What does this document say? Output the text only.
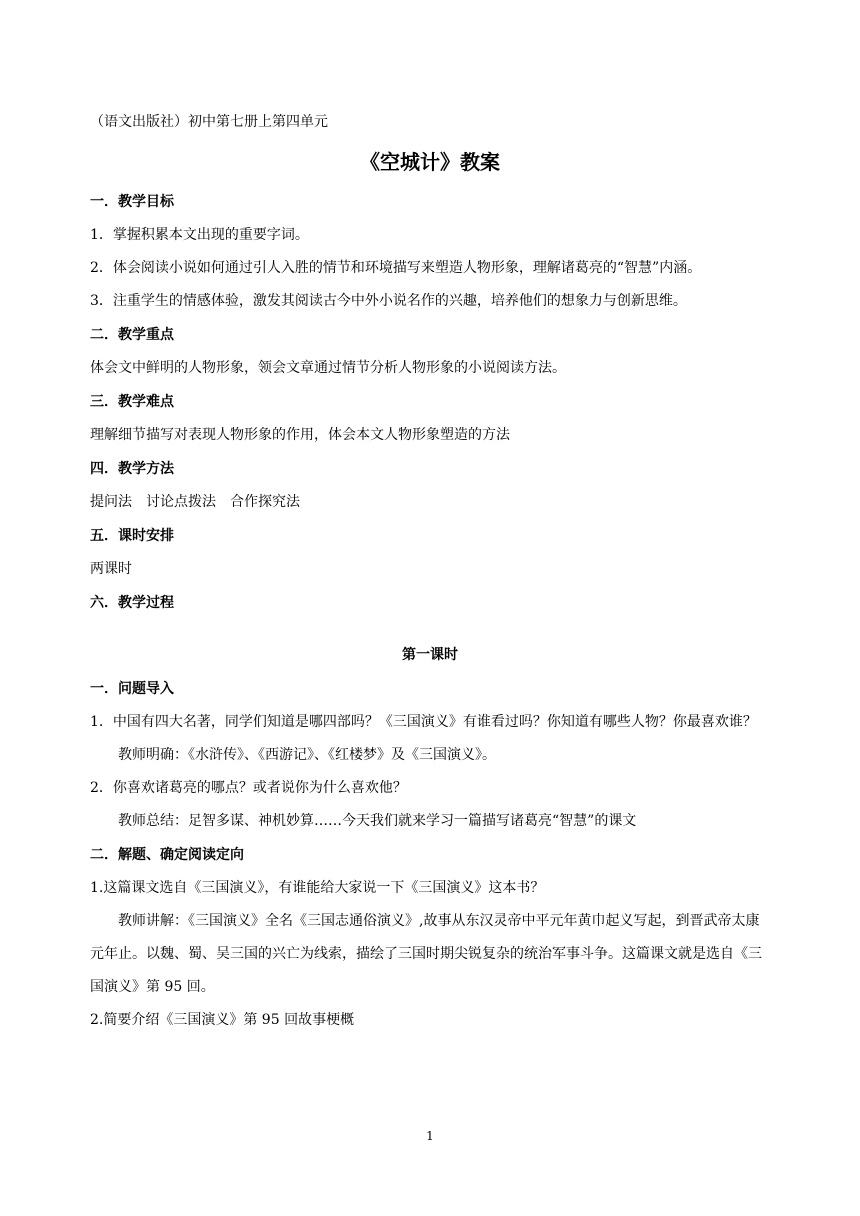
（语文出版社）初中第七册上第四单元
《空城计》教案
一．教学目标
1．掌握积累本文出现的重要字词。
2．体会阅读小说如何通过引人入胜的情节和环境描写来塑造人物形象，理解诸葛亮的“智慧”内涵。
3．注重学生的情感体验，激发其阅读古今中外小说名作的兴趣，培养他们的想象力与创新思维。
二．教学重点
体会文中鲜明的人物形象，领会文章通过情节分析人物形象的小说阅读方法。
三．教学难点
理解细节描写对表现人物形象的作用，体会本文人物形象塑造的方法
四．教学方法
提问法　讨论点拨法　合作探究法
五．课时安排
两课时
六．教学过程
第一课时
一．问题导入
1．中国有四大名著，同学们知道是哪四部吗？《三国演义》有谁看过吗？你知道有哪些人物？你最喜欢谁？
教师明确：《水浒传》、《西游记》、《红楼梦》及《三国演义》。
2．你喜欢诸葛亮的哪点？或者说你为什么喜欢他？
教师总结：足智多谋、神机妙算……今天我们就来学习一篇描写诸葛亮“智慧”的课文
二．解题、确定阅读定向
1.这篇课文选自《三国演义》，有谁能给大家说一下《三国演义》这本书？
教师讲解：《三国演义》全名《三国志通俗演义》,故事从东汉灵帝中平元年黄巾起义写起，到晋武帝太康元年止。以魏、蜀、吴三国的兴亡为线索，描绘了三国时期尖锐复杂的统治军事斗争。这篇课文就是选自《三国演义》第 95 回。
2.简要介绍《三国演义》第 95 回故事梗概
1
